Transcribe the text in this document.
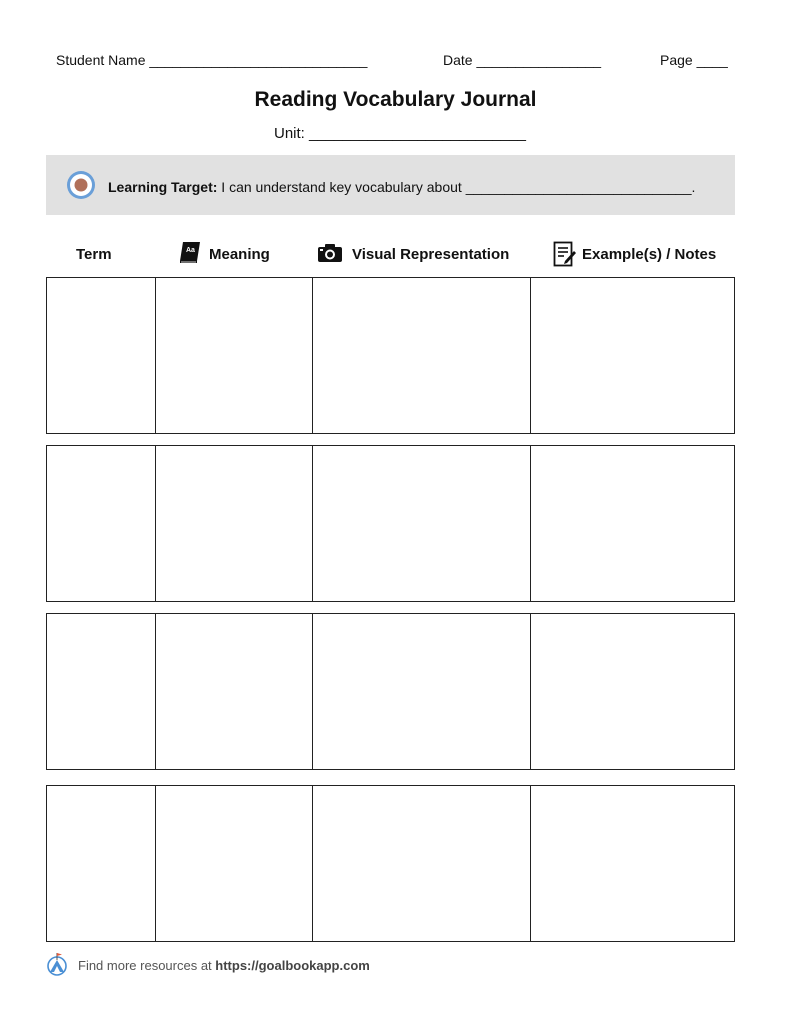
Student Name ____________________________	Date ________________	Page ____
Reading Vocabulary Journal
Unit: __________________________
Learning Target: I can understand key vocabulary about _____________________________.
Term	Aa Meaning	Visual Representation	Example(s) / Notes
Find more resources at https://goalbookapp.com
